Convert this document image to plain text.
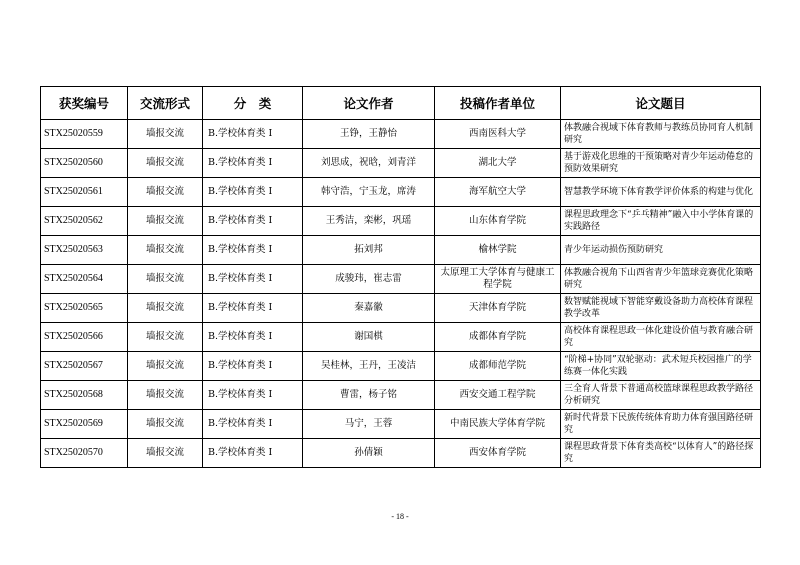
获奖编号	交流形式	分　类	论文作者	投稿作者单位	论文题目
STX25020559	墙报交流	B.学校体育类 I	王铮，王静怡	西南医科大学	体教融合视域下体育教师与教练员协同育人机制研究
STX25020560	墙报交流	B.学校体育类 I	刘思成，祝晗，刘青洋	湖北大学	基于游戏化思维的干预策略对青少年运动倦怠的预防效果研究
STX25020561	墙报交流	B.学校体育类 I	韩守浩，宁玉龙，席涛	海军航空大学	智慧教学环境下体育教学评价体系的构建与优化
STX25020562	墙报交流	B.学校体育类 I	王秀洁，栾彬，巩瑶	山东体育学院	课程思政理念下“乒乓精神”融入中小学体育课的实践路径
STX25020563	墙报交流	B.学校体育类 I	拓刘邦	榆林学院	青少年运动损伤预防研究
STX25020564	墙报交流	B.学校体育类 I	成骏玮，崔志雷	太原理工大学体育与健康工程学院	体教融合视角下山西省青少年篮球竞赛优化策略研究
STX25020565	墙报交流	B.学校体育类 I	秦嘉徽	天津体育学院	数智赋能视域下智能穿戴设备助力高校体育课程教学改革
STX25020566	墙报交流	B.学校体育类 I	谢国棋	成都体育学院	高校体育课程思政一体化建设价值与教育融合研究
STX25020567	墙报交流	B.学校体育类 I	吴桂林，王丹，王凌洁	成都师范学院	“阶梯+协同”双轮驱动：武术短兵校园推广的学练赛一体化实践
STX25020568	墙报交流	B.学校体育类 I	曹雷，杨子铭	西安交通工程学院	三全育人背景下普通高校篮球课程思政教学路径分析研究
STX25020569	墙报交流	B.学校体育类 I	马宁，王蓉	中南民族大学体育学院	新时代背景下民族传统体育助力体育强国路径研究
STX25020570	墙报交流	B.学校体育类 I	孙倩颖	西安体育学院	课程思政背景下体育类高校“以体育人”的路径探究
- 18 -
